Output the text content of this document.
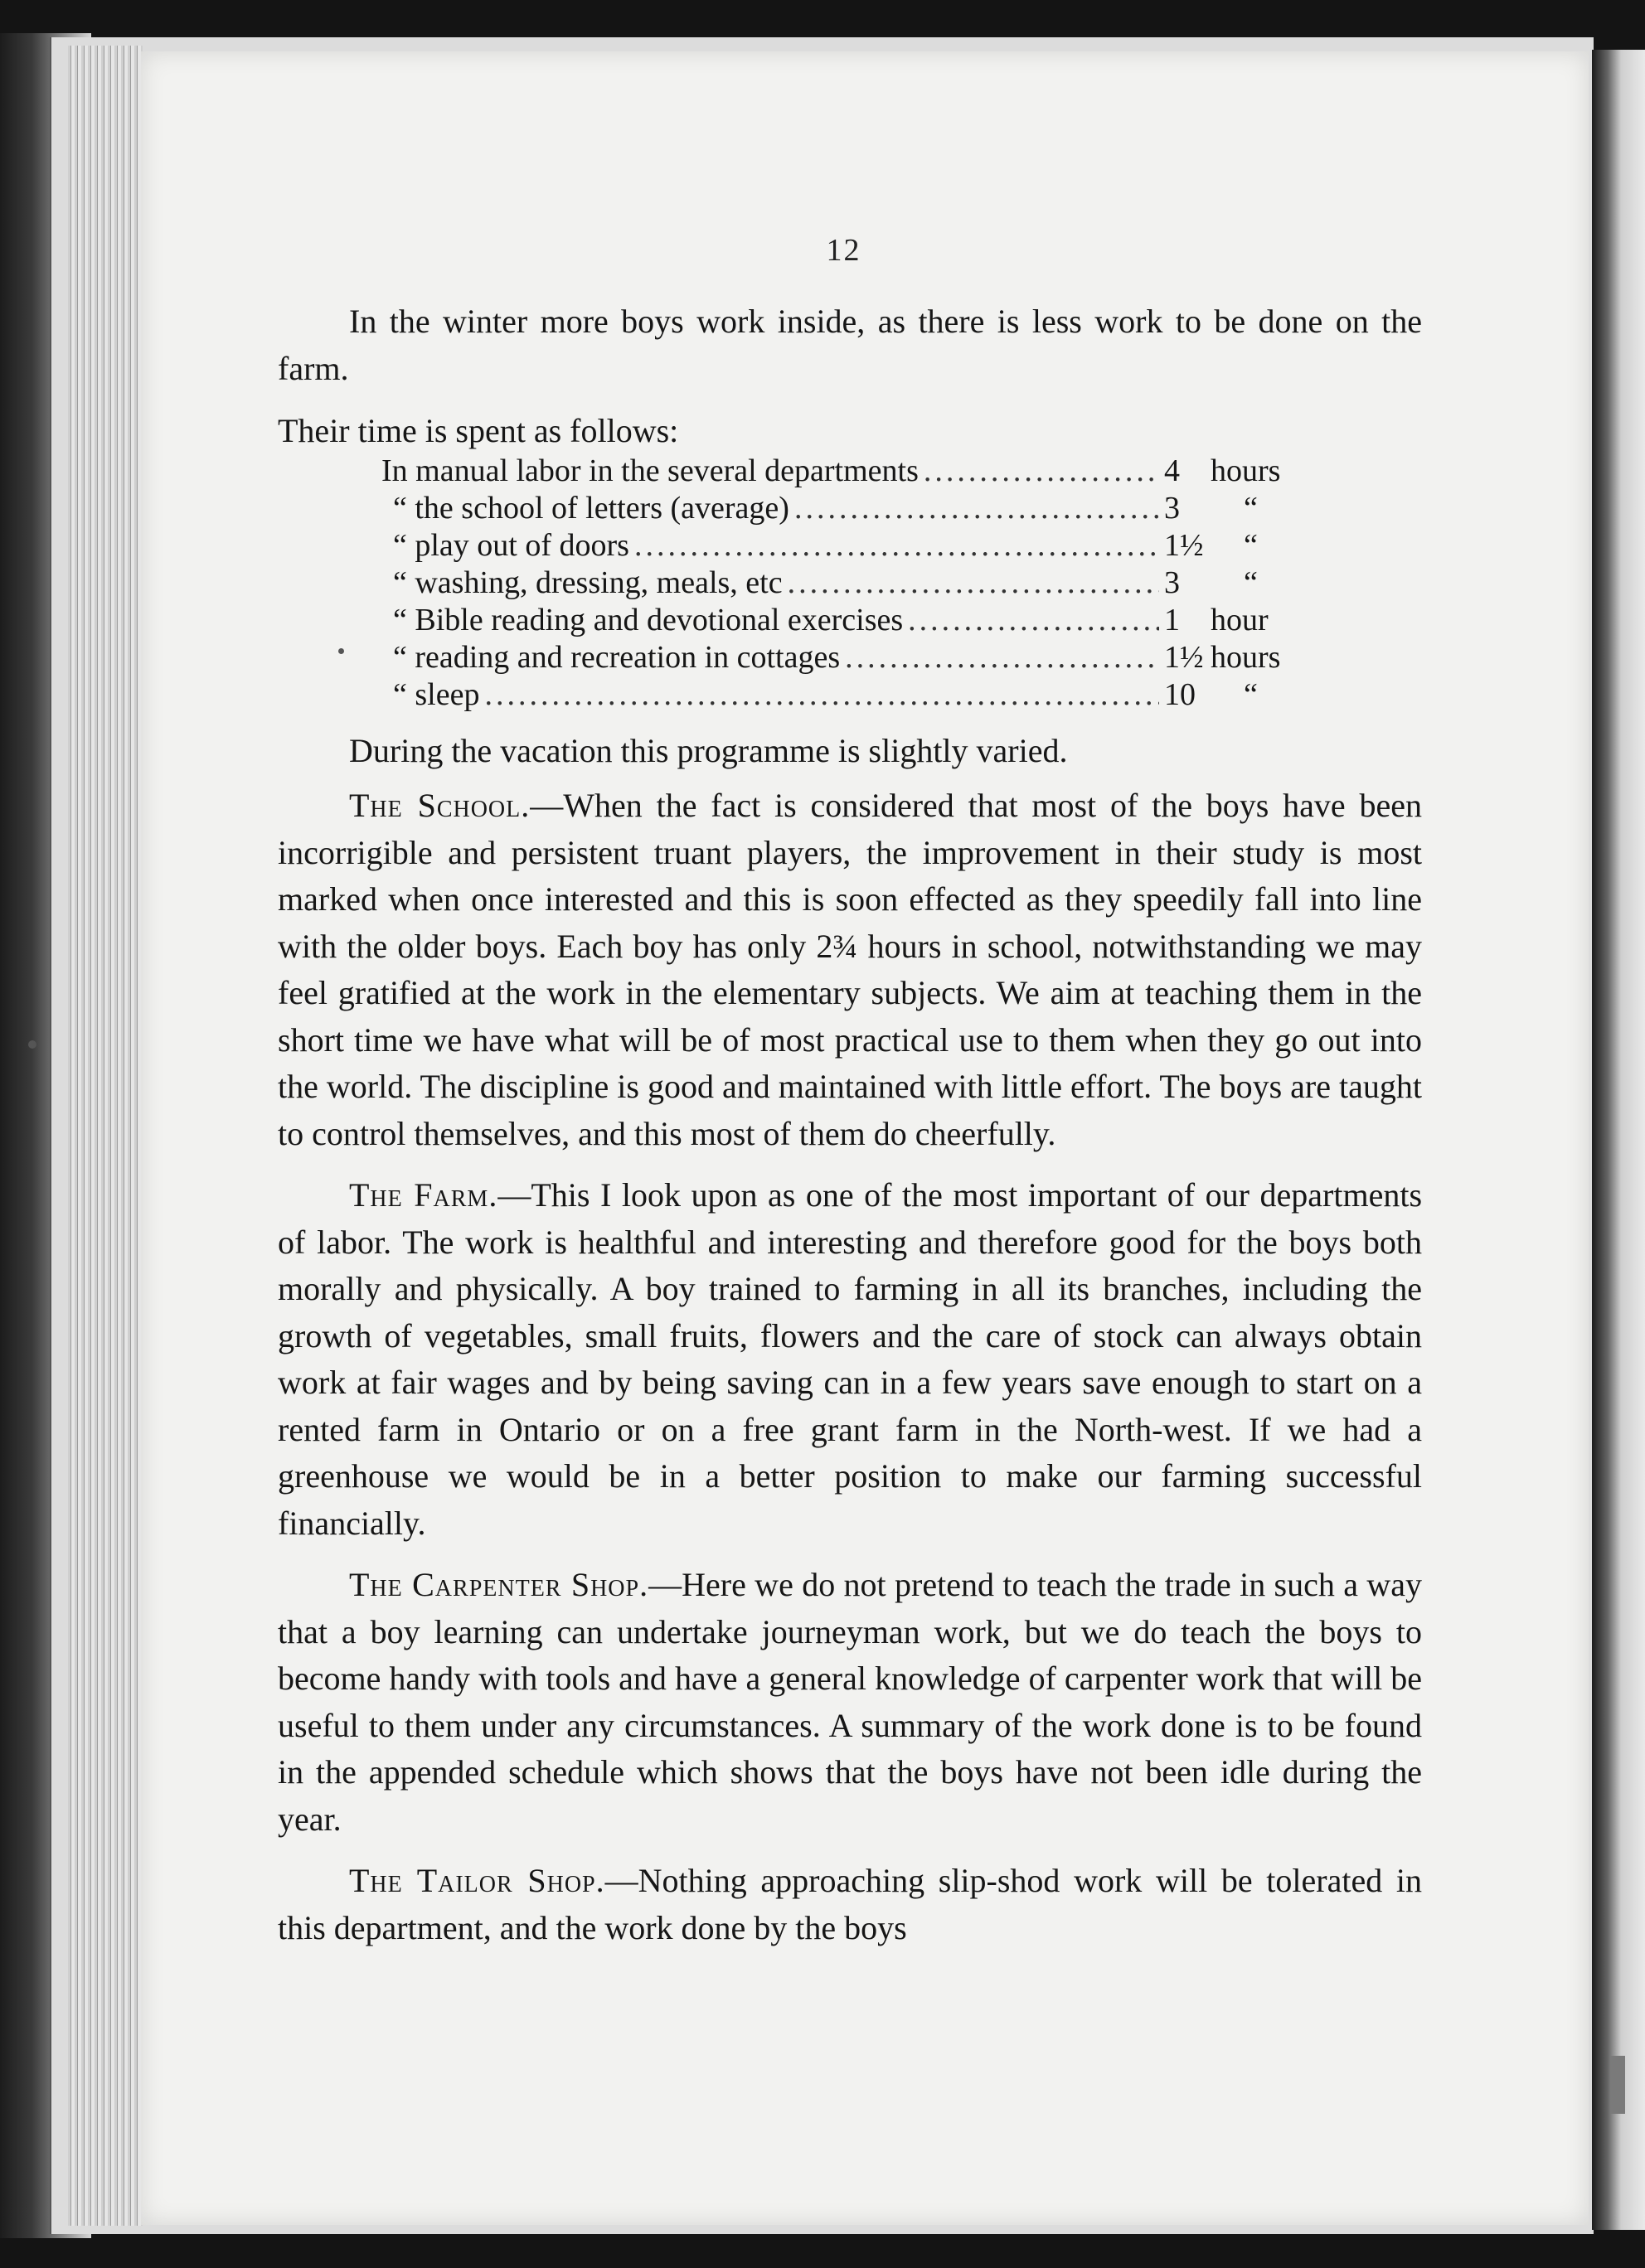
12

In the winter more boys work inside, as there is less work to be done on the farm.

Their time is spent as follows:

In manual labor in the several departments .....	4 hours
“ the school of letters (average) .....	3	“
“ play out of doors .....	1½	“
“ washing, dressing, meals, etc .....	3	“
“ Bible reading and devotional exercises .....	1 hour
“ reading and recreation in cottages .....	1½ hours
“ sleep .....	10	“

During the vacation this programme is slightly varied.

The School.—When the fact is considered that most of the boys have been incorrigible and persistent truant players, the improvement in their study is most marked when once interested and this is soon effected as they speedily fall into line with the older boys. Each boy has only 2¾ hours in school, notwithstanding we may feel gratified at the work in the elementary subjects. We aim at teaching them in the short time we have what will be of most practical use to them when they go out into the world. The discipline is good and maintained with little effort. The boys are taught to control themselves, and this most of them do cheerfully.

The Farm.—This I look upon as one of the most important of our departments of labor. The work is healthful and interesting and therefore good for the boys both morally and physically. A boy trained to farming in all its branches, including the growth of vegetables, small fruits, flowers and the care of stock can always obtain work at fair wages and by being saving can in a few years save enough to start on a rented farm in Ontario or on a free grant farm in the North-west. If we had a greenhouse we would be in a better position to make our farming successful financially.

The Carpenter Shop.—Here we do not pretend to teach the trade in such a way that a boy learning can undertake journeyman work, but we do teach the boys to become handy with tools and have a general knowledge of carpenter work that will be useful to them under any circumstances. A summary of the work done is to be found in the appended schedule which shows that the boys have not been idle during the year.

The Tailor Shop.—Nothing approaching slip-shod work will be tolerated in this department, and the work done by the boys
